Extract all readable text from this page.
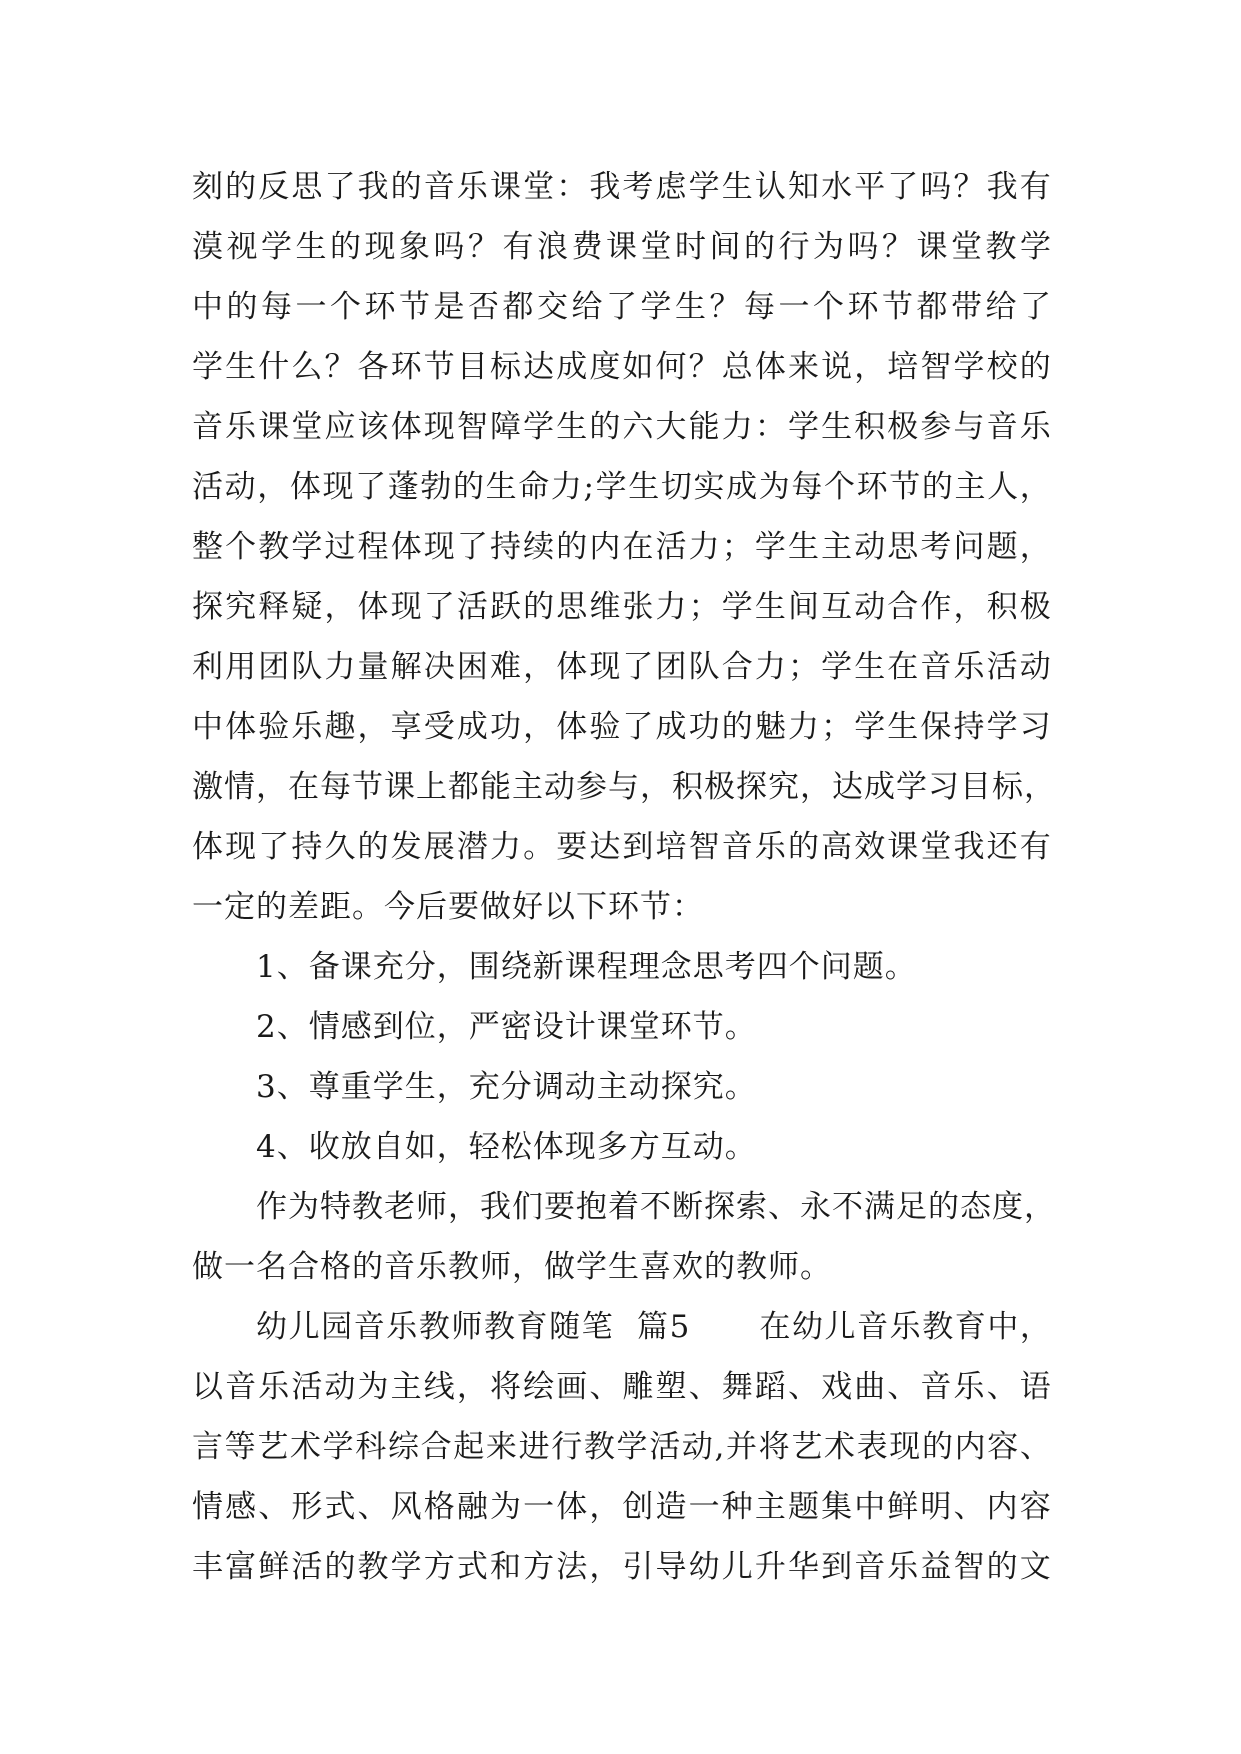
刻 的 反 思 了 我 的 音 乐 课 堂 ： 我 考 虑 学 生 认 知 水 平 了 吗 ？ 我 有
漠 视 学 生 的 现 象 吗 ？ 有 浪 费 课 堂 时 间 的 行 为 吗 ？ 课 堂 教 学
中 的 每 一 个 环 节 是 否 都 交 给 了 学 生 ？ 每 一 个 环 节 都 带 给 了
学 生 什 么 ？ 各 环 节 目 标 达 成 度 如 何 ？ 总 体 来 说 ， 培 智 学 校 的
音 乐 课 堂 应 该 体 现 智 障 学 生 的 六 大 能 力 ： 学 生 积 极 参 与 音 乐
活 动 ， 体 现 了 蓬 勃 的 生 命 力 ; 学 生 切 实 成 为 每 个 环 节 的 主 人 ，
整 个 教 学 过 程 体 现 了 持 续 的 内 在 活 力 ； 学 生 主 动 思 考 问 题 ，
探 究 释 疑 ， 体 现 了 活 跃 的 思 维 张 力 ； 学 生 间 互 动 合 作 ， 积 极
利 用 团 队 力 量 解 决 困 难 ， 体 现 了 团 队 合 力 ； 学 生 在 音 乐 活 动
中 体 验 乐 趣 ， 享 受 成 功 ， 体 验 了 成 功 的 魅 力 ； 学 生 保 持 学 习
激 情 ， 在 每 节 课 上 都 能 主 动 参 与 ， 积 极 探 究 ， 达 成 学 习 目 标 ，
体 现 了 持 久 的 发 展 潜 力 。 要 达 到 培 智 音 乐 的 高 效 课 堂 我 还 有
一定的差距。今后要做好以下环节：
1、备课充分，围绕新课程理念思考四个问题。
2、情感到位，严密设计课堂环节。
3、尊重学生，充分调动主动探究。
4、收放自如，轻松体现多方互动。
作 为 特 教 老 师 ， 我 们 要 抱 着 不 断 探 索 、 永 不 满 足 的 态 度 ，
做一名合格的音乐教师，做学生喜欢的教师。
幼 儿 园 音 乐 教 师 教 育 随 笔

篇 5

在 幼 儿 音 乐 教 育 中 ，
以 音 乐 活 动 为 主 线 ， 将 绘 画 、 雕 塑 、 舞 蹈 、 戏 曲 、 音 乐 、 语
言 等 艺 术 学 科 综 合 起 来 进 行 教 学 活 动 , 并 将 艺 术 表 现 的 内 容 、
情 感 、 形 式 、 风 格 融 为 一 体 ， 创 造 一 种 主 题 集 中 鲜 明 、 内 容
丰 富 鲜 活 的 教 学 方 式 和 方 法 ， 引 导 幼 儿 升 华 到 音 乐 益 智 的 文
